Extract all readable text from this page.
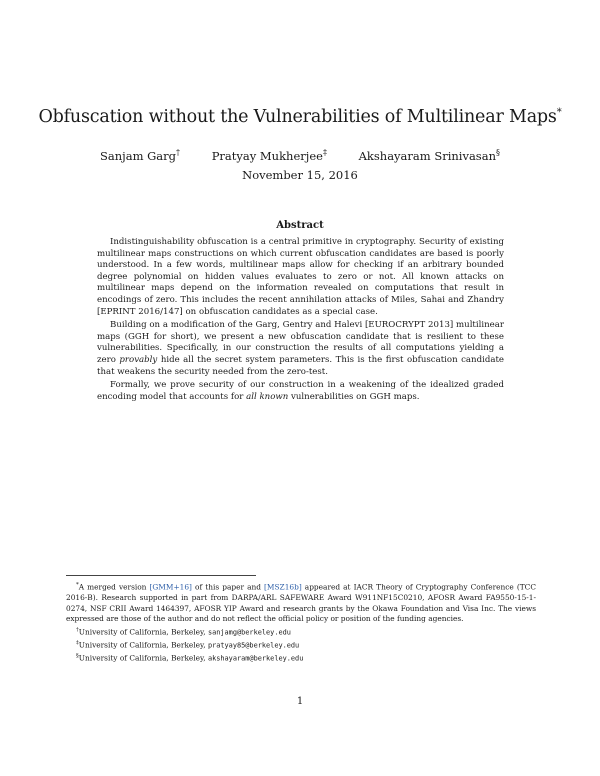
Obfuscation without the Vulnerabilities of Multilinear Maps*
Sanjam Garg†	Pratyay Mukherjee‡	Akshayaram Srinivasan§
November 15, 2016
Abstract

Indistinguishability obfuscation is a central primitive in cryptography. Security of existing multilinear maps constructions on which current obfuscation candidates are based is poorly understood. In a few words, multilinear maps allow for checking if an arbitrary bounded degree polynomial on hidden values evaluates to zero or not. All known attacks on multilinear maps depend on the information revealed on computations that result in encodings of zero. This includes the recent annihilation attacks of Miles, Sahai and Zhandry [EPRINT 2016/147] on obfuscation candidates as a special case.

Building on a modification of the Garg, Gentry and Halevi [EUROCRYPT 2013] multilinear maps (GGH for short), we present a new obfuscation candidate that is resilient to these vulnerabilities. Specifically, in our construction the results of all computations yielding a zero provably hide all the secret system parameters. This is the first obfuscation candidate that weakens the security needed from the zero-test.

Formally, we prove security of our construction in a weakening of the idealized graded encoding model that accounts for all known vulnerabilities on GGH maps.

*A merged version [GMM+16] of this paper and [MSZ16b] appeared at IACR Theory of Cryptography Conference (TCC 2016-B). Research supported in part from DARPA/ARL SAFEWARE Award W911NF15C0210, AFOSR Award FA9550-15-1-0274, NSF CRII Award 1464397, AFOSR YIP Award and research grants by the Okawa Foundation and Visa Inc. The views expressed are those of the author and do not reflect the official policy or position of the funding agencies.

†University of California, Berkeley, sanjamg@berkeley.edu

‡University of California, Berkeley, pratyay85@berkeley.edu

§University of California, Berkeley, akshayaram@berkeley.edu

1
